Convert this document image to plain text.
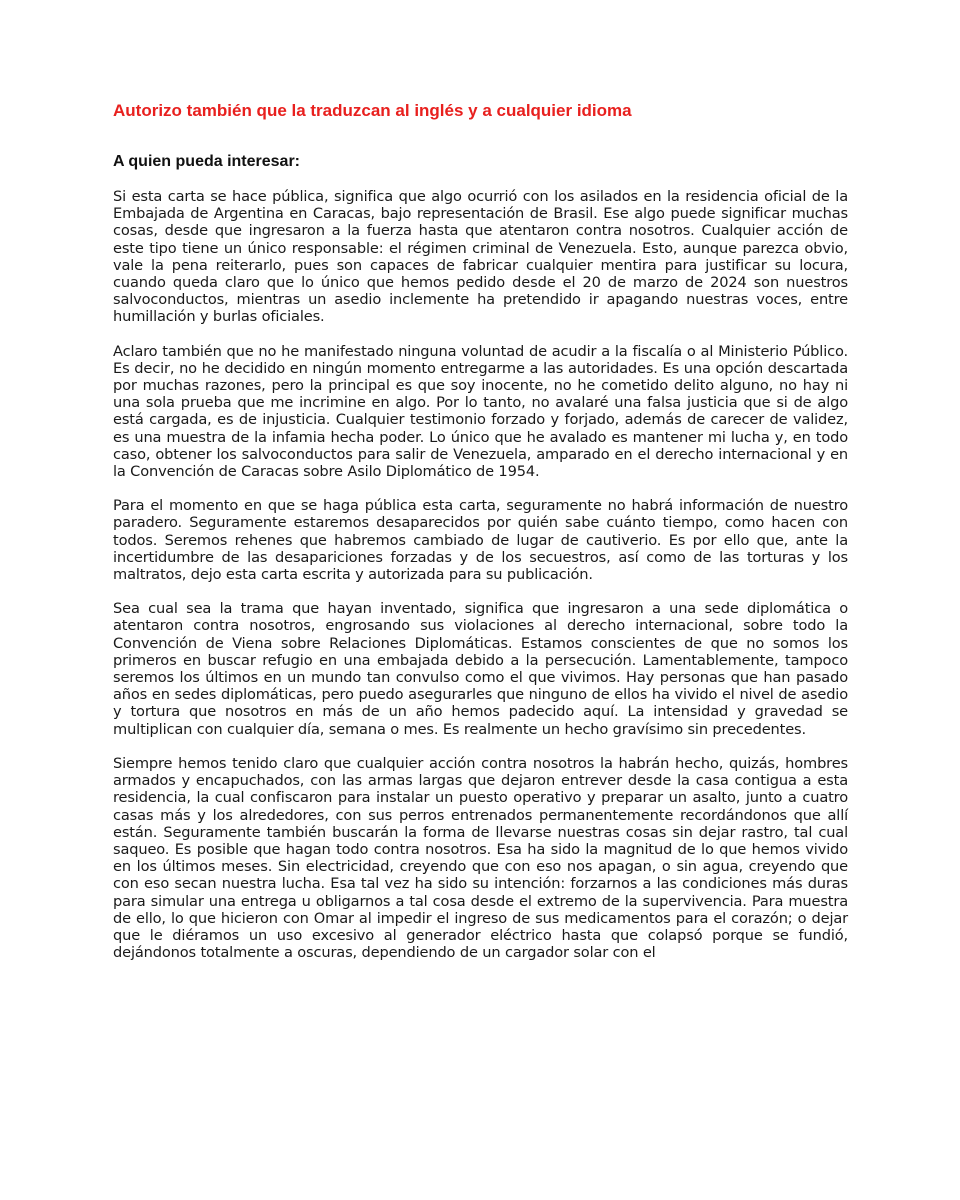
Autorizo también que la traduzcan al inglés y a cualquier idioma

A quien pueda interesar:

Si esta carta se hace pública, significa que algo ocurrió con los asilados en la residencia oficial de la Embajada de Argentina en Caracas, bajo representación de Brasil. Ese algo puede significar muchas cosas, desde que ingresaron a la fuerza hasta que atentaron contra nosotros. Cualquier acción de este tipo tiene un único responsable: el régimen criminal de Venezuela. Esto, aunque parezca obvio, vale la pena reiterarlo, pues son capaces de fabricar cualquier mentira para justificar su locura, cuando queda claro que lo único que hemos pedido desde el 20 de marzo de 2024 son nuestros salvoconductos, mientras un asedio inclemente ha pretendido ir apagando nuestras voces, entre humillación y burlas oficiales.

Aclaro también que no he manifestado ninguna voluntad de acudir a la fiscalía o al Ministerio Público. Es decir, no he decidido en ningún momento entregarme a las autoridades. Es una opción descartada por muchas razones, pero la principal es que soy inocente, no he cometido delito alguno, no hay ni una sola prueba que me incrimine en algo. Por lo tanto, no avalaré una falsa justicia que si de algo está cargada, es de injusticia. Cualquier testimonio forzado y forjado, además de carecer de validez, es una muestra de la infamia hecha poder. Lo único que he avalado es mantener mi lucha y, en todo caso, obtener los salvoconductos para salir de Venezuela, amparado en el derecho internacional y en la Convención de Caracas sobre Asilo Diplomático de 1954.

Para el momento en que se haga pública esta carta, seguramente no habrá información de nuestro paradero. Seguramente estaremos desaparecidos por quién sabe cuánto tiempo, como hacen con todos. Seremos rehenes que habremos cambiado de lugar de cautiverio. Es por ello que, ante la incertidumbre de las desapariciones forzadas y de los secuestros, así como de las torturas y los maltratos, dejo esta carta escrita y autorizada para su publicación.

Sea cual sea la trama que hayan inventado, significa que ingresaron a una sede diplomática o atentaron contra nosotros, engrosando sus violaciones al derecho internacional, sobre todo la Convención de Viena sobre Relaciones Diplomáticas. Estamos conscientes de que no somos los primeros en buscar refugio en una embajada debido a la persecución. Lamentablemente, tampoco seremos los últimos en un mundo tan convulso como el que vivimos. Hay personas que han pasado años en sedes diplomáticas, pero puedo asegurarles que ninguno de ellos ha vivido el nivel de asedio y tortura que nosotros en más de un año hemos padecido aquí. La intensidad y gravedad se multiplican con cualquier día, semana o mes. Es realmente un hecho gravísimo sin precedentes.

Siempre hemos tenido claro que cualquier acción contra nosotros la habrán hecho, quizás, hombres armados y encapuchados, con las armas largas que dejaron entrever desde la casa contigua a esta residencia, la cual confiscaron para instalar un puesto operativo y preparar un asalto, junto a cuatro casas más y los alrededores, con sus perros entrenados permanentemente recordándonos que allí están. Seguramente también buscarán la forma de llevarse nuestras cosas sin dejar rastro, tal cual saqueo. Es posible que hagan todo contra nosotros. Esa ha sido la magnitud de lo que hemos vivido en los últimos meses. Sin electricidad, creyendo que con eso nos apagan, o sin agua, creyendo que con eso secan nuestra lucha. Esa tal vez ha sido su intención: forzarnos a las condiciones más duras para simular una entrega u obligarnos a tal cosa desde el extremo de la supervivencia. Para muestra de ello, lo que hicieron con Omar al impedir el ingreso de sus medicamentos para el corazón; o dejar que le diéramos un uso excesivo al generador eléctrico hasta que colapsó porque se fundió, dejándonos totalmente a oscuras, dependiendo de un cargador solar con el
